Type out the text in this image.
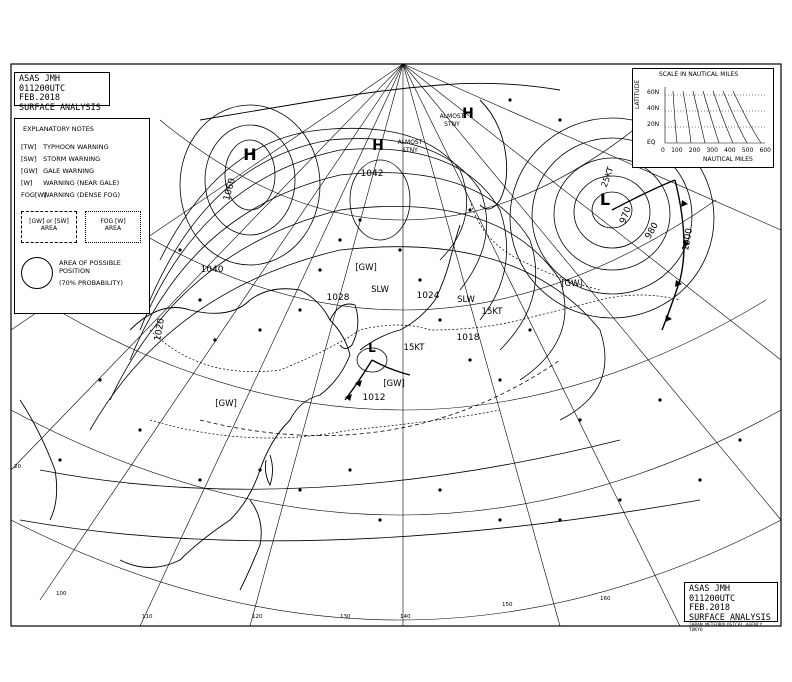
H	H
L
H
L
1060
1040
1042
1028	1024
1018
1012
970
1020
1000
980
SLW
SLW
15KT
15KT
25KT
[GW]
[GW]
[GW]
[GW]
ALMOST
STNY
ALMOST
STNY
100
110	120	130	140
150
160
20
ASAS JMH
011200UTC FEB.2018
SURFACE ANALYSIS
ASAS JMH
011200UTC FEB.2018
SURFACE ANALYSIS
JAPAN METEOROLOGICAL AGENCY TOKYO
EXPLANATORY NOTES
[TW] TYPHOON WARNING
[SW] STORM WARNING
[GW] GALE WARNING
[W] WARNING (NEAR GALE)
FOG[W] WARNING (DENSE FOG)
[GW] or [SW]
AREA
FOG [W]
AREA
AREA OF POSSIBLE
POSITION
(70% PROBABILITY)
SCALE IN NAUTICAL MILES
LATITUDE 60N
40N
20N
EQ
0 100 200 300 400 500 600
NAUTICAL MILES
